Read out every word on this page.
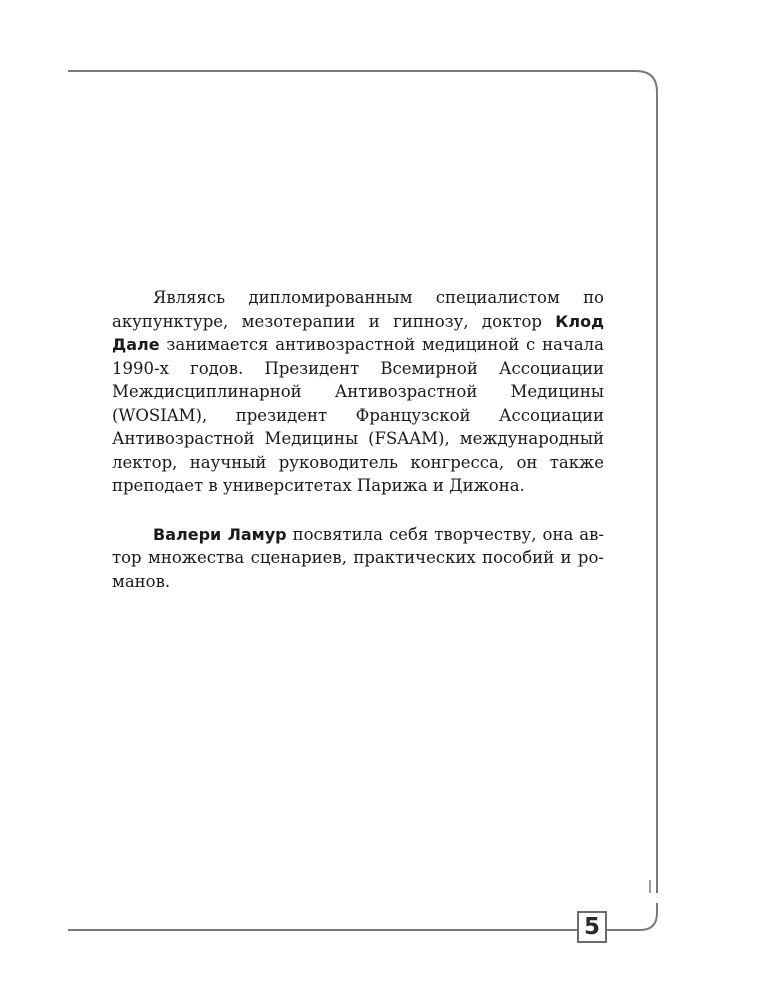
Являясь дипломированным специалистом по акупунктуре, мезотерапии и гипнозу, доктор Клод Дале занимается антивозрастной медициной с начала 1990-х годов. Президент Всемирной Ассоциации Междисциплинарной Антивозрастной Медицины (WOSIAM), президент Французской Ассоциации Антивозрастной Медицины (FSAAM), международный лектор, научный руководитель конгресса, он также преподает в университетах Парижа и Дижона.

Валери Ламур посвятила себя творчеству, она автор множества сценариев, практических пособий и романов.

5
